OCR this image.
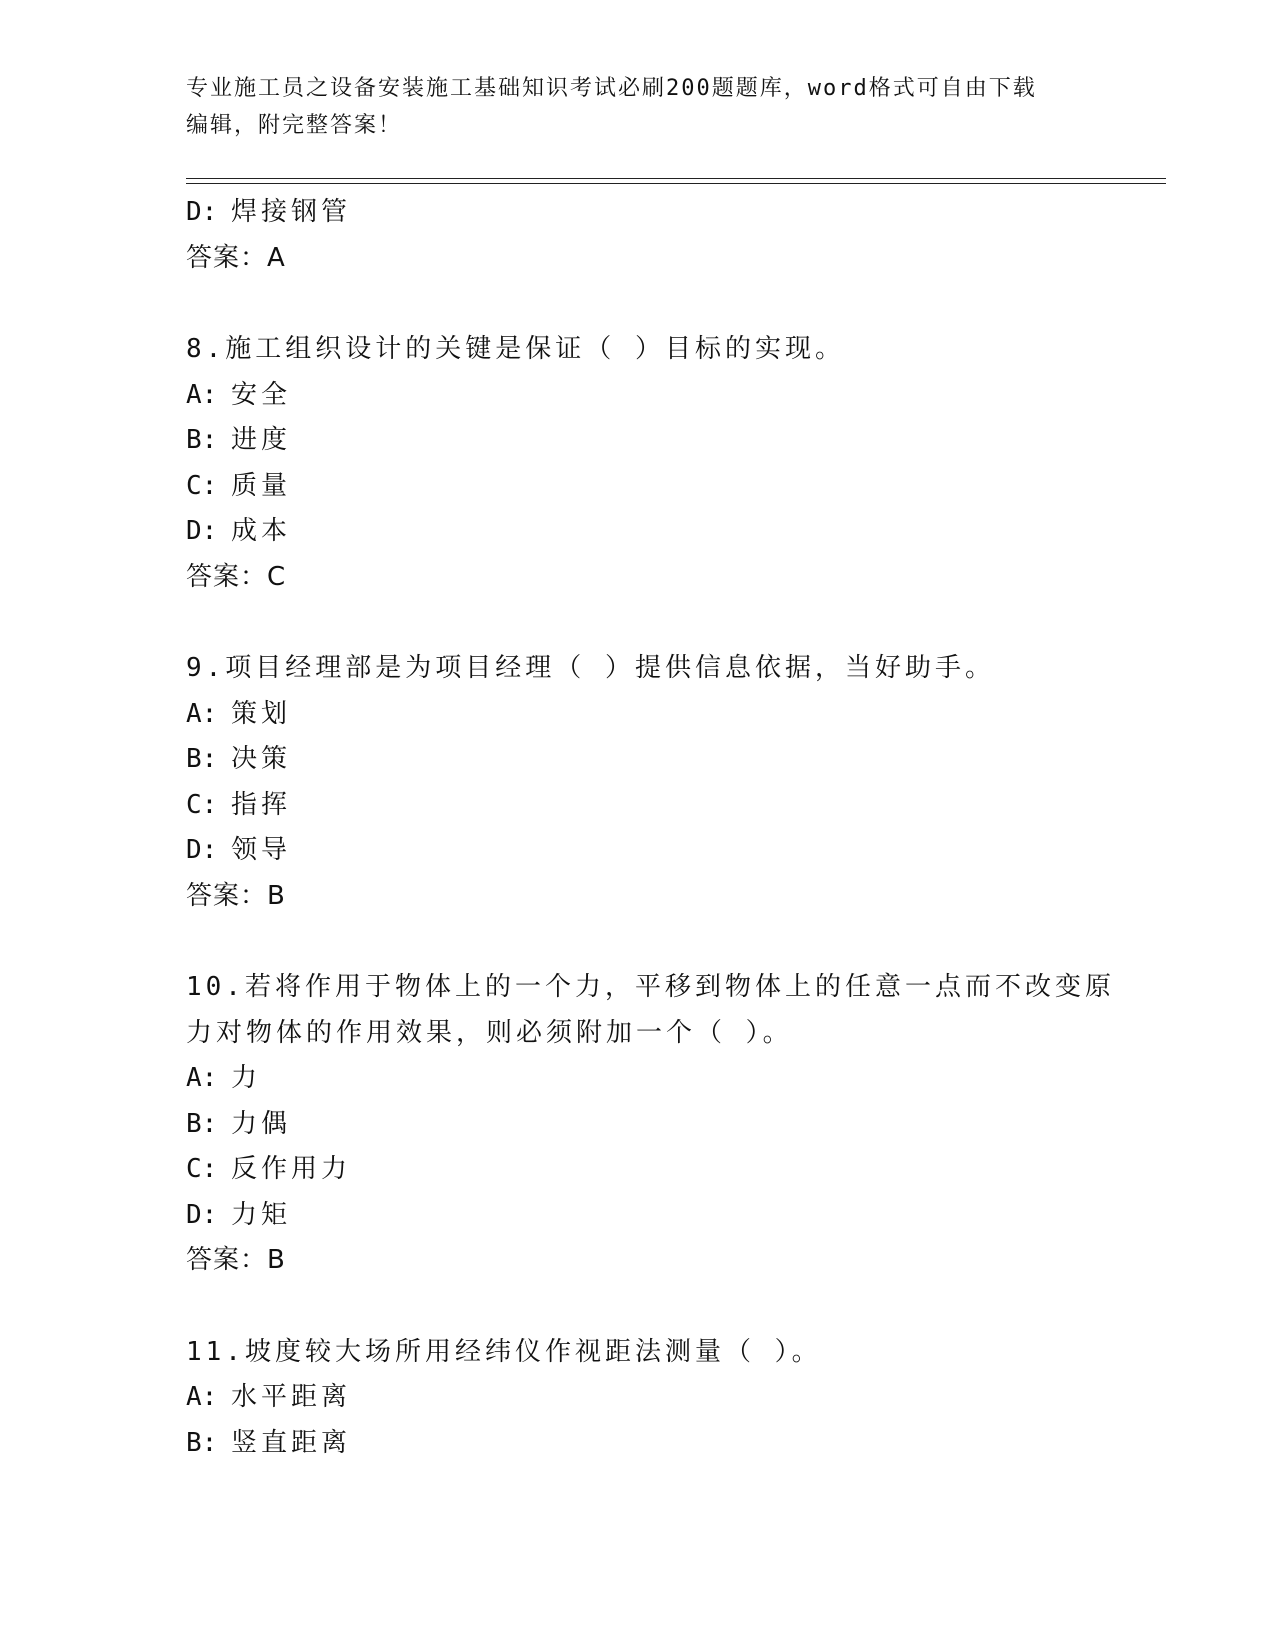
专业施工员之设备安装施工基础知识考试必刷200题题库，word格式可自由下载
编辑，附完整答案！
D: 焊接钢管
答案：A
8.施工组织设计的关键是保证（ ）目标的实现。
A: 安全
B: 进度
C: 质量
D: 成本
答案：C
9.项目经理部是为项目经理（ ）提供信息依据，当好助手。
A: 策划
B: 决策
C: 指挥
D: 领导
答案：B
10.若将作用于物体上的一个力，平移到物体上的任意一点而不改变原
力对物体的作用效果，则必须附加一个（ ）。
A: 力
B: 力偶
C: 反作用力
D: 力矩
答案：B
11.坡度较大场所用经纬仪作视距法测量（ ）。
A: 水平距离
B: 竖直距离
